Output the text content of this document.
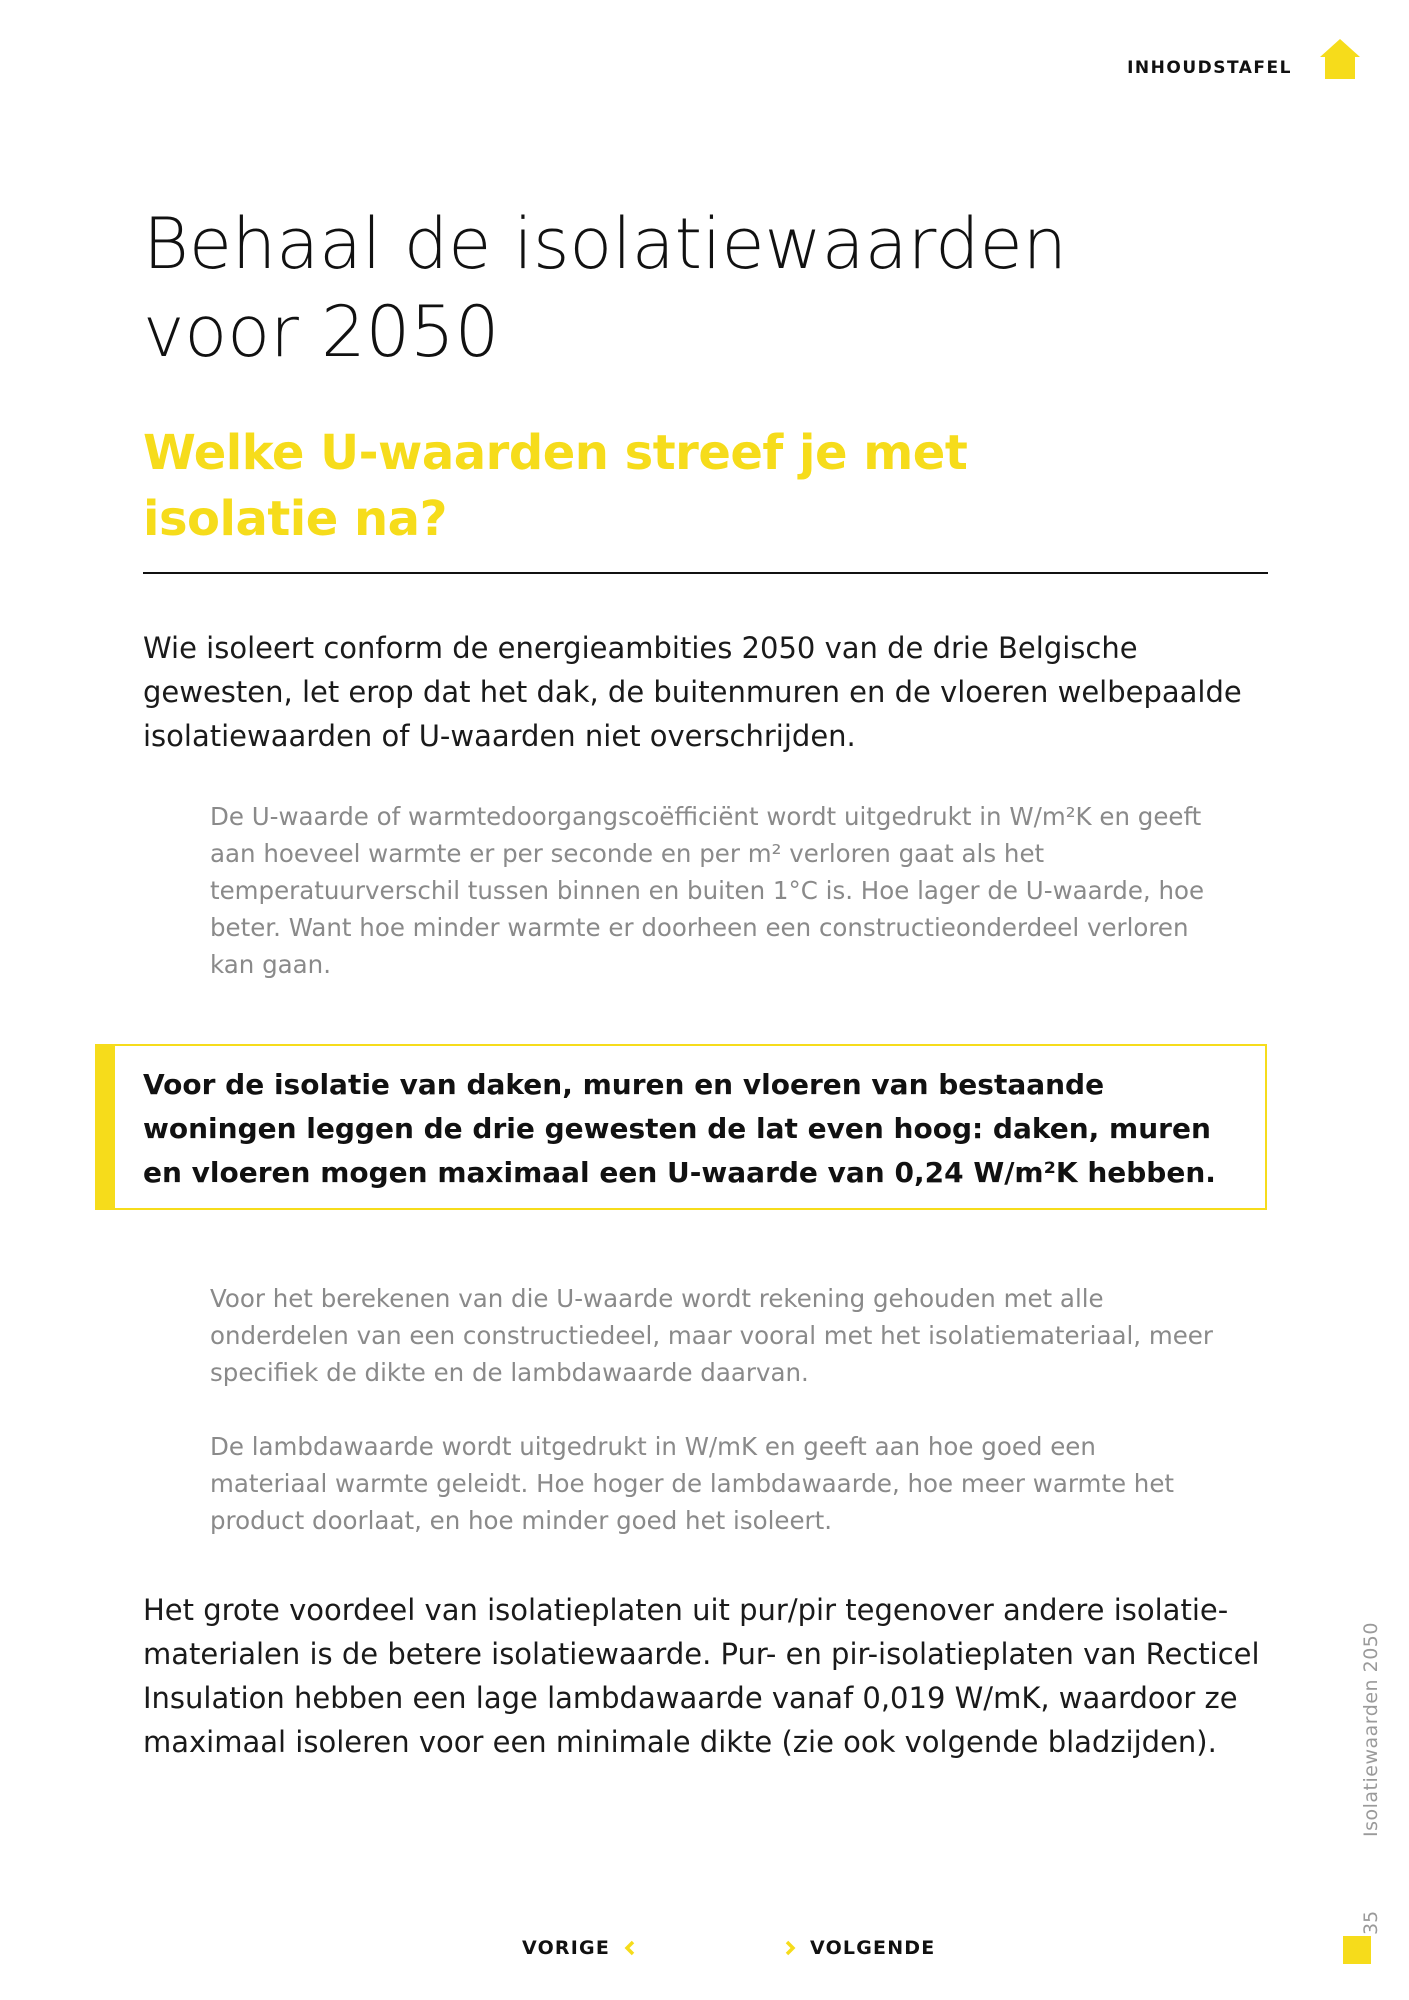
INHOUDSTAFEL
Behaal de isolatiewaarden voor 2050
Welke U-waarden streef je met isolatie na?

Wie isoleert conform de energieambities 2050 van de drie Belgische gewesten, let erop dat het dak, de buitenmuren en de vloeren welbepaalde isolatiewaarden of U-waarden niet overschrijden.

De U-waarde of warmtedoorgangscoëfficiënt wordt uitgedrukt in W/m²K en geeft aan hoeveel warmte er per seconde en per m² verloren gaat als het temperatuurverschil tussen binnen en buiten 1°C is. Hoe lager de U-waarde, hoe beter. Want hoe minder warmte er doorheen een constructieonderdeel verloren kan gaan.

Voor de isolatie van daken, muren en vloeren van bestaande woningen leggen de drie gewesten de lat even hoog: daken, muren en vloeren mogen maximaal een U-waarde van 0,24 W/m²K hebben.

Voor het berekenen van die U-waarde wordt rekening gehouden met alle onderdelen van een constructiedeel, maar vooral met het isolatiemateriaal, meer specifiek de dikte en de lambdawaarde daarvan.

De lambdawaarde wordt uitgedrukt in W/mK en geeft aan hoe goed een materiaal warmte geleidt. Hoe hoger de lambdawaarde, hoe meer warmte het product doorlaat, en hoe minder goed het isoleert.

Het grote voordeel van isolatieplaten uit pur/pir tegenover andere isolatie-materialen is de betere isolatiewaarde. Pur- en pir-isolatieplaten van Recticel Insulation hebben een lage lambdawaarde vanaf 0,019 W/mK, waardoor ze maximaal isoleren voor een minimale dikte (zie ook volgende bladzijden).	Isolatiewaarden 2050
35
VORIGE	VOLGENDE
